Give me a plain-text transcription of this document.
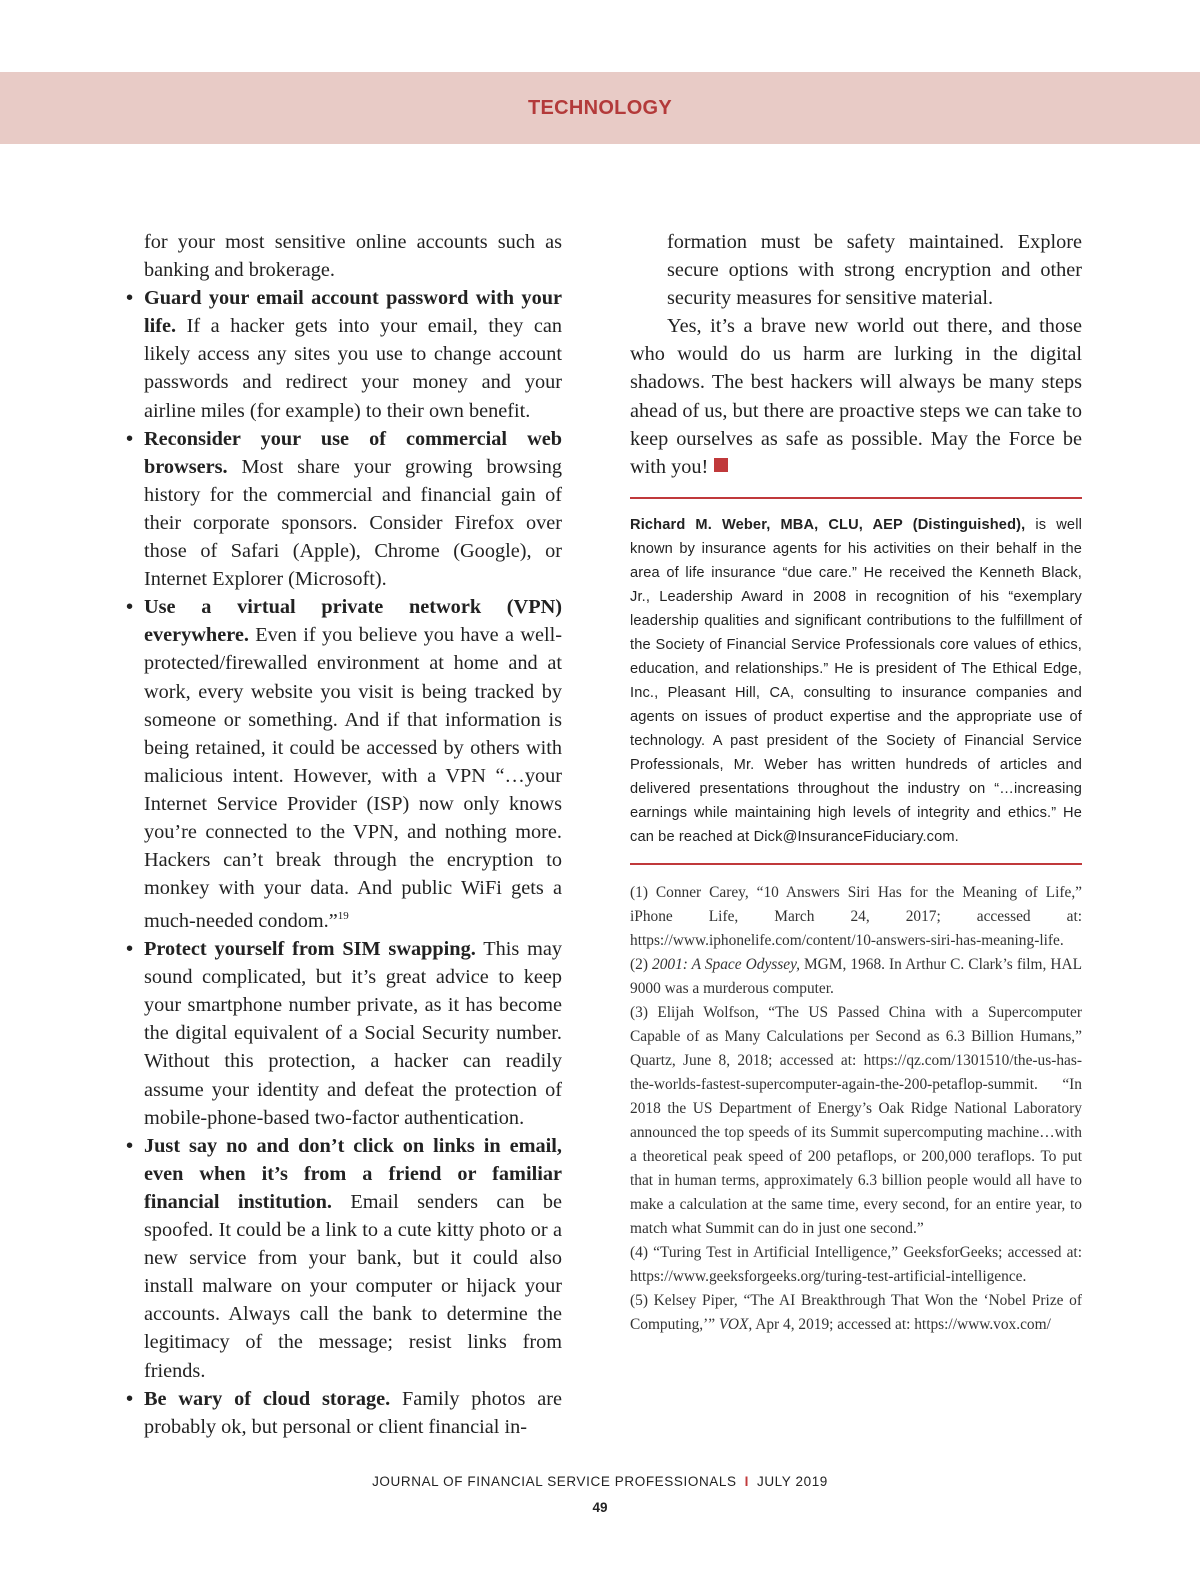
TECHNOLOGY

for your most sensitive online accounts such as banking and brokerage.

• Guard your email account password with your life. If a hacker gets into your email, they can likely access any sites you use to change account passwords and redirect your money and your airline miles (for example) to their own benefit.

• Reconsider your use of commercial web browsers. Most share your growing browsing history for the commercial and financial gain of their corporate sponsors. Consider Firefox over those of Safari (Apple), Chrome (Google), or Internet Explorer (Microsoft).

• Use a virtual private network (VPN) everywhere. Even if you believe you have a well-protected/firewalled environment at home and at work, every website you visit is being tracked by someone or something. And if that information is being retained, it could be accessed by others with malicious intent. However, with a VPN “…your Internet Service Provider (ISP) now only knows you’re connected to the VPN, and nothing more. Hackers can’t break through the encryption to monkey with your data. And public WiFi gets a much-needed condom.”$^{19}$

• Protect yourself from SIM swapping. This may sound complicated, but it’s great advice to keep your smartphone number private, as it has become the digital equivalent of a Social Security number. Without this protection, a hacker can readily assume your identity and defeat the protection of mobile-phone-based two-factor authentication.

• Just say no and don’t click on links in email, even when it’s from a friend or familiar financial institution. Email senders can be spoofed. It could be a link to a cute kitty photo or a new service from your bank, but it could also install malware on your computer or hijack your accounts. Always call the bank to determine the legitimacy of the message; resist links from friends.

• Be wary of cloud storage. Family photos are probably ok, but personal or client financial in-

formation must be safety maintained. Explore secure options with strong encryption and other security measures for sensitive material.

Yes, it’s a brave new world out there, and those who would do us harm are lurking in the digital shadows. The best hackers will always be many steps ahead of us, but there are proactive steps we can take to keep ourselves as safe as possible. May the Force be with you!

Richard M. Weber, MBA, CLU, AEP (Distinguished), is well known by insurance agents for his activities on their behalf in the area of life insurance “due care.” He received the Kenneth Black, Jr., Leadership Award in 2008 in recognition of his “exemplary leadership qualities and significant contributions to the fulfillment of the Society of Financial Service Professionals core values of ethics, education, and relationships.” He is president of The Ethical Edge, Inc., Pleasant Hill, CA, consulting to insurance companies and agents on issues of product expertise and the appropriate use of technology. A past president of the Society of Financial Service Professionals, Mr. Weber has written hundreds of articles and delivered presentations throughout the industry on “…increasing earnings while maintaining high levels of integrity and ethics.” He can be reached at Dick@InsuranceFiduciary.com.

(1) Conner Carey, “10 Answers Siri Has for the Meaning of Life,” iPhone Life, March 24, 2017; accessed at: https://www.iphonelife.com/content/10-answers-siri-has-meaning-life.

(2) 2001: A Space Odyssey, MGM, 1968. In Arthur C. Clark’s film, HAL 9000 was a murderous computer.

(3) Elijah Wolfson, “The US Passed China with a Supercomputer Capable of as Many Calculations per Second as 6.3 Billion Humans,” Quartz, June 8, 2018; accessed at: https://qz.com/1301510/the-us-has-the-worlds-fastest-supercomputer-again-the-200-petaflop-summit. “In 2018 the US Department of Energy’s Oak Ridge National Laboratory announced the top speeds of its Summit supercomputing machine…with a theoretical peak speed of 200 petaflops, or 200,000 teraflops. To put that in human terms, approximately 6.3 billion people would all have to make a calculation at the same time, every second, for an entire year, to match what Summit can do in just one second.”

(4) “Turing Test in Artificial Intelligence,” GeeksforGeeks; accessed at: https://www.geeksforgeeks.org/turing-test-artificial-intelligence.

(5) Kelsey Piper, “The AI Breakthrough That Won the ‘Nobel Prize of Computing,’” VOX, Apr 4, 2019; accessed at: https://www.vox.com/

JOURNAL OF FINANCIAL SERVICE PROFESSIONALS I JULY 2019
49
